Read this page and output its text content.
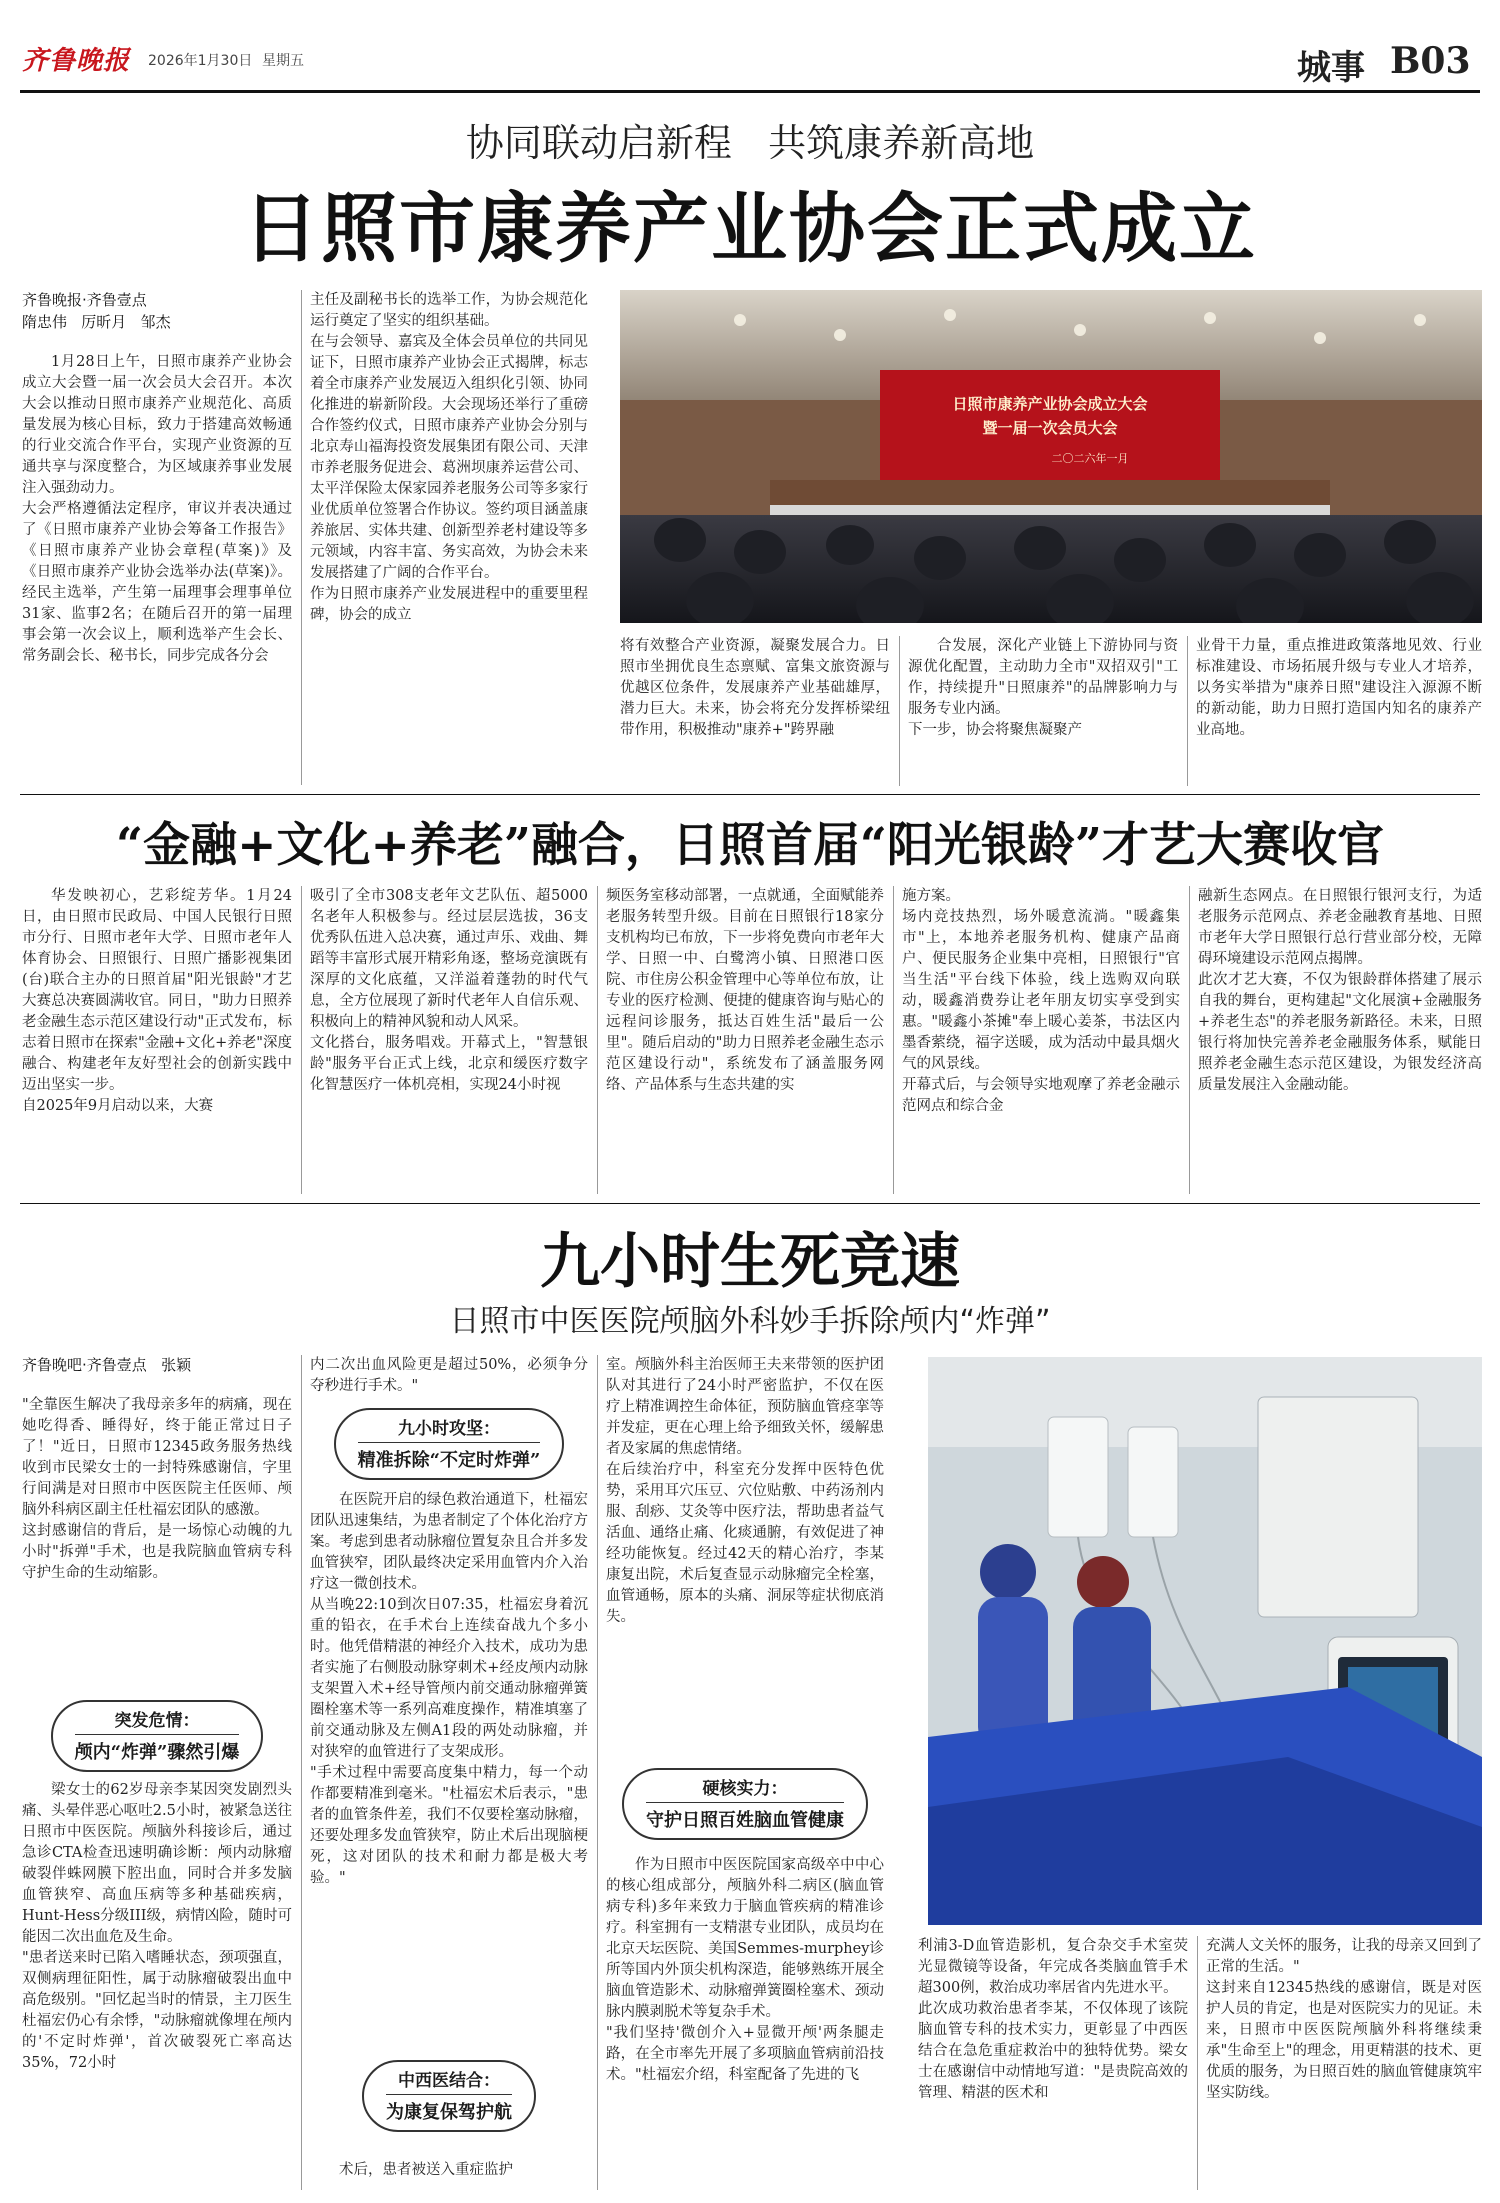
齐鲁晚报 2026年1月30日 星期五	城事 B03
协同联动启新程   共筑康养新高地
日照市康养产业协会正式成立
齐鲁晚报·齐鲁壹点
隋忠伟   厉昕月   邹杰
1月28日上午，日照市康养产业协会成立大会暨一届一次会员大会召开。本次大会以推动日照市康养产业规范化、高质量发展为核心目标，致力于搭建高效畅通的行业交流合作平台，实现产业资源的互通共享与深度整合，为区域康养事业发展注入强劲动力。
大会严格遵循法定程序，审议并表决通过了《日照市康养产业协会筹备工作报告》《日照市康养产业协会章程(草案)》及《日照市康养产业协会选举办法(草案)》。经民主选举，产生第一届理事会理事单位31家、监事2名；在随后召开的第一届理事会第一次会议上，顺利选举产生会长、常务副会长、秘书长，同步完成各分会
主任及副秘书长的选举工作，为协会规范化运行奠定了坚实的组织基础。
在与会领导、嘉宾及全体会员单位的共同见证下，日照市康养产业协会正式揭牌，标志着全市康养产业发展迈入组织化引领、协同化推进的崭新阶段。大会现场还举行了重磅合作签约仪式，日照市康养产业协会分别与北京寿山福海投资发展集团有限公司、天津市养老服务促进会、葛洲坝康养运营公司、太平洋保险太保家园养老服务公司等多家行业优质单位签署合作协议。签约项目涵盖康养旅居、实体共建、创新型养老村建设等多元领域，内容丰富、务实高效，为协会未来发展搭建了广阔的合作平台。
作为日照市康养产业发展进程中的重要里程碑，协会的成立
日照市康养产业协会成立大会
暨一届一次会员大会
二〇二六年一月
将有效整合产业资源，凝聚发展合力。日照市坐拥优良生态禀赋、富集文旅资源与优越区位条件，发展康养产业基础雄厚，潜力巨大。未来，协会将充分发挥桥梁纽带作用，积极推动"康养+"跨界融
合发展，深化产业链上下游协同与资源优化配置，主动助力全市"双招双引"工作，持续提升"日照康养"的品牌影响力与服务专业内涵。
下一步，协会将聚焦凝聚产
业骨干力量，重点推进政策落地见效、行业标准建设、市场拓展升级与专业人才培养，以务实举措为"康养日照"建设注入源源不断的新动能，助力日照打造国内知名的康养产业高地。
“金融+文化+养老”融合，日照首届“阳光银龄”才艺大赛收官
华发映初心，艺彩绽芳华。1月24日，由日照市民政局、中国人民银行日照市分行、日照市老年大学、日照市老年人体育协会、日照银行、日照广播影视集团(台)联合主办的日照首届"阳光银龄"才艺大赛总决赛圆满收官。同日，"助力日照养老金融生态示范区建设行动"正式发布，标志着日照市在探索"金融+文化+养老"深度融合、构建老年友好型社会的创新实践中迈出坚实一步。
自2025年9月启动以来，大赛
吸引了全市308支老年文艺队伍、超5000名老年人积极参与。经过层层选拔，36支优秀队伍进入总决赛，通过声乐、戏曲、舞蹈等丰富形式展开精彩角逐，整场竞演既有深厚的文化底蕴，又洋溢着蓬勃的时代气息，全方位展现了新时代老年人自信乐观、积极向上的精神风貌和动人风采。
文化搭台，服务唱戏。开幕式上，"智慧银龄"服务平台正式上线，北京和缓医疗数字化智慧医疗一体机亮相，实现24小时视
频医务室移动部署，一点就通，全面赋能养老服务转型升级。目前在日照银行18家分支机构均已布放，下一步将免费向市老年大学、日照一中、白鹭湾小镇、日照港口医院、市住房公积金管理中心等单位布放，让专业的医疗检测、便捷的健康咨询与贴心的远程问诊服务，抵达百姓生活"最后一公里"。随后启动的"助力日照养老金融生态示范区建设行动"，系统发布了涵盖服务网络、产品体系与生态共建的实
施方案。
场内竞技热烈，场外暖意流淌。"暖鑫集市"上，本地养老服务机构、健康产品商户、便民服务企业集中亮相，日照银行"官当生活"平台线下体验，线上选购双向联动，暖鑫消费券让老年朋友切实享受到实惠。"暖鑫小茶摊"奉上暖心姜茶，书法区内墨香萦绕，福字送暖，成为活动中最具烟火气的风景线。
开幕式后，与会领导实地观摩了养老金融示范网点和综合金
融新生态网点。在日照银行银河支行，为适老服务示范网点、养老金融教育基地、日照市老年大学日照银行总行营业部分校，无障碍环境建设示范网点揭牌。
此次才艺大赛，不仅为银龄群体搭建了展示自我的舞台，更构建起"文化展演+金融服务+养老生态"的养老服务新路径。未来，日照银行将加快完善养老金融服务体系，赋能日照养老金融生态示范区建设，为银发经济高质量发展注入金融动能。
九小时生死竞速
日照市中医医院颅脑外科妙手拆除颅内“炸弹”
齐鲁晚吧·齐鲁壹点   张颖
"全靠医生解决了我母亲多年的病痛，现在她吃得香、睡得好，终于能正常过日子了！"近日，日照市12345政务服务热线收到市民梁女士的一封特殊感谢信，字里行间满是对日照市中医医院主任医师、颅脑外科病区副主任杜福宏团队的感激。
这封感谢信的背后，是一场惊心动魄的九小时"拆弹"手术，也是我院脑血管病专科守护生命的生动缩影。
突发危情：
颅内“炸弹”骤然引爆
梁女士的62岁母亲李某因突发剧烈头痛、头晕伴恶心呕吐2.5小时，被紧急送往日照市中医医院。颅脑外科接诊后，通过急诊CTA检查迅速明确诊断：颅内动脉瘤破裂伴蛛网膜下腔出血，同时合并多发脑血管狭窄、高血压病等多种基础疾病，Hunt-Hess分级III级，病情凶险，随时可能因二次出血危及生命。
"患者送来时已陷入嗜睡状态，颈项强直，双侧病理征阳性，属于动脉瘤破裂出血中高危级别。"回忆起当时的情景，主刀医生杜福宏仍心有余悸，"动脉瘤就像埋在颅内的'不定时炸弹'，首次破裂死亡率高达35%，72小时
内二次出血风险更是超过50%，必须争分夺秒进行手术。"
九小时攻坚：
精准拆除“不定时炸弹”
在医院开启的绿色救治通道下，杜福宏团队迅速集结，为患者制定了个体化治疗方案。考虑到患者动脉瘤位置复杂且合并多发血管狭窄，团队最终决定采用血管内介入治疗这一微创技术。
从当晚22:10到次日07:35，杜福宏身着沉重的铅衣，在手术台上连续奋战九个多小时。他凭借精湛的神经介入技术，成功为患者实施了右侧股动脉穿刺术+经皮颅内动脉支架置入术+经导管颅内前交通动脉瘤弹簧圈栓塞术等一系列高难度操作，精准填塞了前交通动脉及左侧A1段的两处动脉瘤，并对狭窄的血管进行了支架成形。
"手术过程中需要高度集中精力，每一个动作都要精准到毫米。"杜福宏术后表示，"患者的血管条件差，我们不仅要栓塞动脉瘤，还要处理多发血管狭窄，防止术后出现脑梗死，这对团队的技术和耐力都是极大考验。"
中西医结合：
为康复保驾护航
术后，患者被送入重症监护
室。颅脑外科主治医师王夫来带领的医护团队对其进行了24小时严密监护，不仅在医疗上精准调控生命体征，预防脑血管痉挛等并发症，更在心理上给予细致关怀，缓解患者及家属的焦虑情绪。
在后续治疗中，科室充分发挥中医特色优势，采用耳穴压豆、穴位贴敷、中药汤剂内服、刮痧、艾灸等中医疗法，帮助患者益气活血、通络止痛、化痰通腑，有效促进了神经功能恢复。经过42天的精心治疗，李某康复出院，术后复查显示动脉瘤完全栓塞，血管通畅，原本的头痛、洞尿等症状彻底消失。
硬核实力：
守护日照百姓脑血管健康
作为日照市中医医院国家高级卒中中心的核心组成部分，颅脑外科二病区(脑血管病专科)多年来致力于脑血管疾病的精准诊疗。科室拥有一支精湛专业团队，成员均在北京天坛医院、美国Semmes-murphey诊所等国内外顶尖机构深造，能够熟练开展全脑血管造影术、动脉瘤弹簧圈栓塞术、颈动脉内膜剥脱术等复杂手术。
"我们坚持'微创介入+显微开颅'两条腿走路，在全市率先开展了多项脑血管病前沿技术。"杜福宏介绍，科室配备了先进的飞
利浦3-D血管造影机，复合杂交手术室荧光显微镜等设备，年完成各类脑血管手术超300例，救治成功率居省内先进水平。
此次成功救治患者李某，不仅体现了该院脑血管专科的技术实力，更彰显了中西医结合在急危重症救治中的独特优势。梁女士在感谢信中动情地写道："是贵院高效的管理、精湛的医术和
充满人文关怀的服务，让我的母亲又回到了正常的生活。"
这封来自12345热线的感谢信，既是对医护人员的肯定，也是对医院实力的见证。未来，日照市中医医院颅脑外科将继续秉承"生命至上"的理念，用更精湛的技术、更优质的服务，为日照百姓的脑血管健康筑牢坚实防线。
